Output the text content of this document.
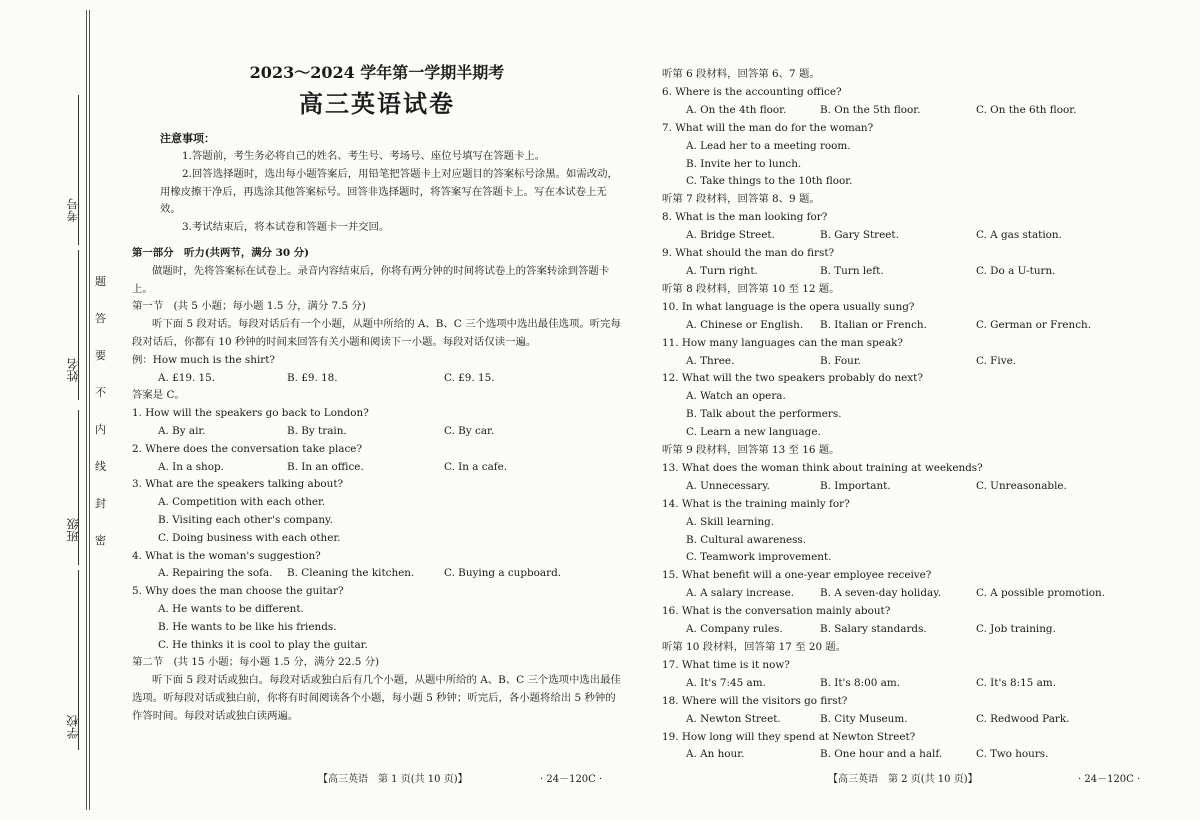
考号
姓名
班级
学校
题
答
要
不
内
线
封
密
2023～2024 学年第一学期半期考
高三英语试卷
注意事项：
1.答题前，考生务必将自己的姓名、考生号、考场号、座位号填写在答题卡上。
2.回答选择题时，选出每小题答案后，用铅笔把答题卡上对应题目的答案标号涂黑。如需改动，用橡皮擦干净后，再选涂其他答案标号。回答非选择题时，将答案写在答题卡上。写在本试卷上无效。
3.考试结束后，将本试卷和答题卡一并交回。
第一部分　听力(共两节，满分 30 分)
做题时，先将答案标在试卷上。录音内容结束后，你将有两分钟的时间将试卷上的答案转涂到答题卡上。
第一节　(共 5 小题；每小题 1.5 分，满分 7.5 分)
听下面 5 段对话。每段对话后有一个小题，从题中所给的 A、B、C 三个选项中选出最佳选项。听完每段对话后，你都有 10 秒钟的时间来回答有关小题和阅读下一小题。每段对话仅读一遍。
例：How much is the shirt?
A. £19. 15.	B. £9. 18.	C. £9. 15.
答案是 C。
1. How will the speakers go back to London?
A. By air.	B. By train.	C. By car.
2. Where does the conversation take place?
A. In a shop.	B. In an office.	C. In a cafe.
3. What are the speakers talking about?
A. Competition with each other.
B. Visiting each other's company.
C. Doing business with each other.
4. What is the woman's suggestion?
A. Repairing the sofa.	B. Cleaning the kitchen.	C. Buying a cupboard.
5. Why does the man choose the guitar?
A. He wants to be different.
B. He wants to be like his friends.
C. He thinks it is cool to play the guitar.
第二节　(共 15 小题；每小题 1.5 分，满分 22.5 分)
听下面 5 段对话或独白。每段对话或独白后有几个小题，从题中所给的 A、B、C 三个选项中选出最佳选项。听每段对话或独白前，你将有时间阅读各个小题，每小题 5 秒钟；听完后，各小题将给出 5 秒钟的作答时间。每段对话或独白读两遍。
听第 6 段材料，回答第 6、7 题。
6. Where is the accounting office?
A. On the 4th floor.	B. On the 5th floor.	C. On the 6th floor.
7. What will the man do for the woman?
A. Lead her to a meeting room.
B. Invite her to lunch.
C. Take things to the 10th floor.
听第 7 段材料，回答第 8、9 题。
8. What is the man looking for?
A. Bridge Street.	B. Gary Street.	C. A gas station.
9. What should the man do first?
A. Turn right.	B. Turn left.	C. Do a U-turn.
听第 8 段材料，回答第 10 至 12 题。
10. In what language is the opera usually sung?
A. Chinese or English.	B. Italian or French.	C. German or French.
11. How many languages can the man speak?
A. Three.	B. Four.	C. Five.
12. What will the two speakers probably do next?
A. Watch an opera.
B. Talk about the performers.
C. Learn a new language.
听第 9 段材料，回答第 13 至 16 题。
13. What does the woman think about training at weekends?
A. Unnecessary.	B. Important.	C. Unreasonable.
14. What is the training mainly for?
A. Skill learning.
B. Cultural awareness.
C. Teamwork improvement.
15. What benefit will a one-year employee receive?
A. A salary increase.	B. A seven-day holiday.	C. A possible promotion.
16. What is the conversation mainly about?
A. Company rules.	B. Salary standards.	C. Job training.
听第 10 段材料，回答第 17 至 20 题。
17. What time is it now?
A. It's 7:45 am.	B. It's 8:00 am.	C. It's 8:15 am.
18. Where will the visitors go first?
A. Newton Street.	B. City Museum.	C. Redwood Park.
19. How long will they spend at Newton Street?
A. An hour.	B. One hour and a half.	C. Two hours.
【高三英语　第 1 页(共 10 页)】	· 24－120C ·	【高三英语　第 2 页(共 10 页)】	· 24－120C ·
